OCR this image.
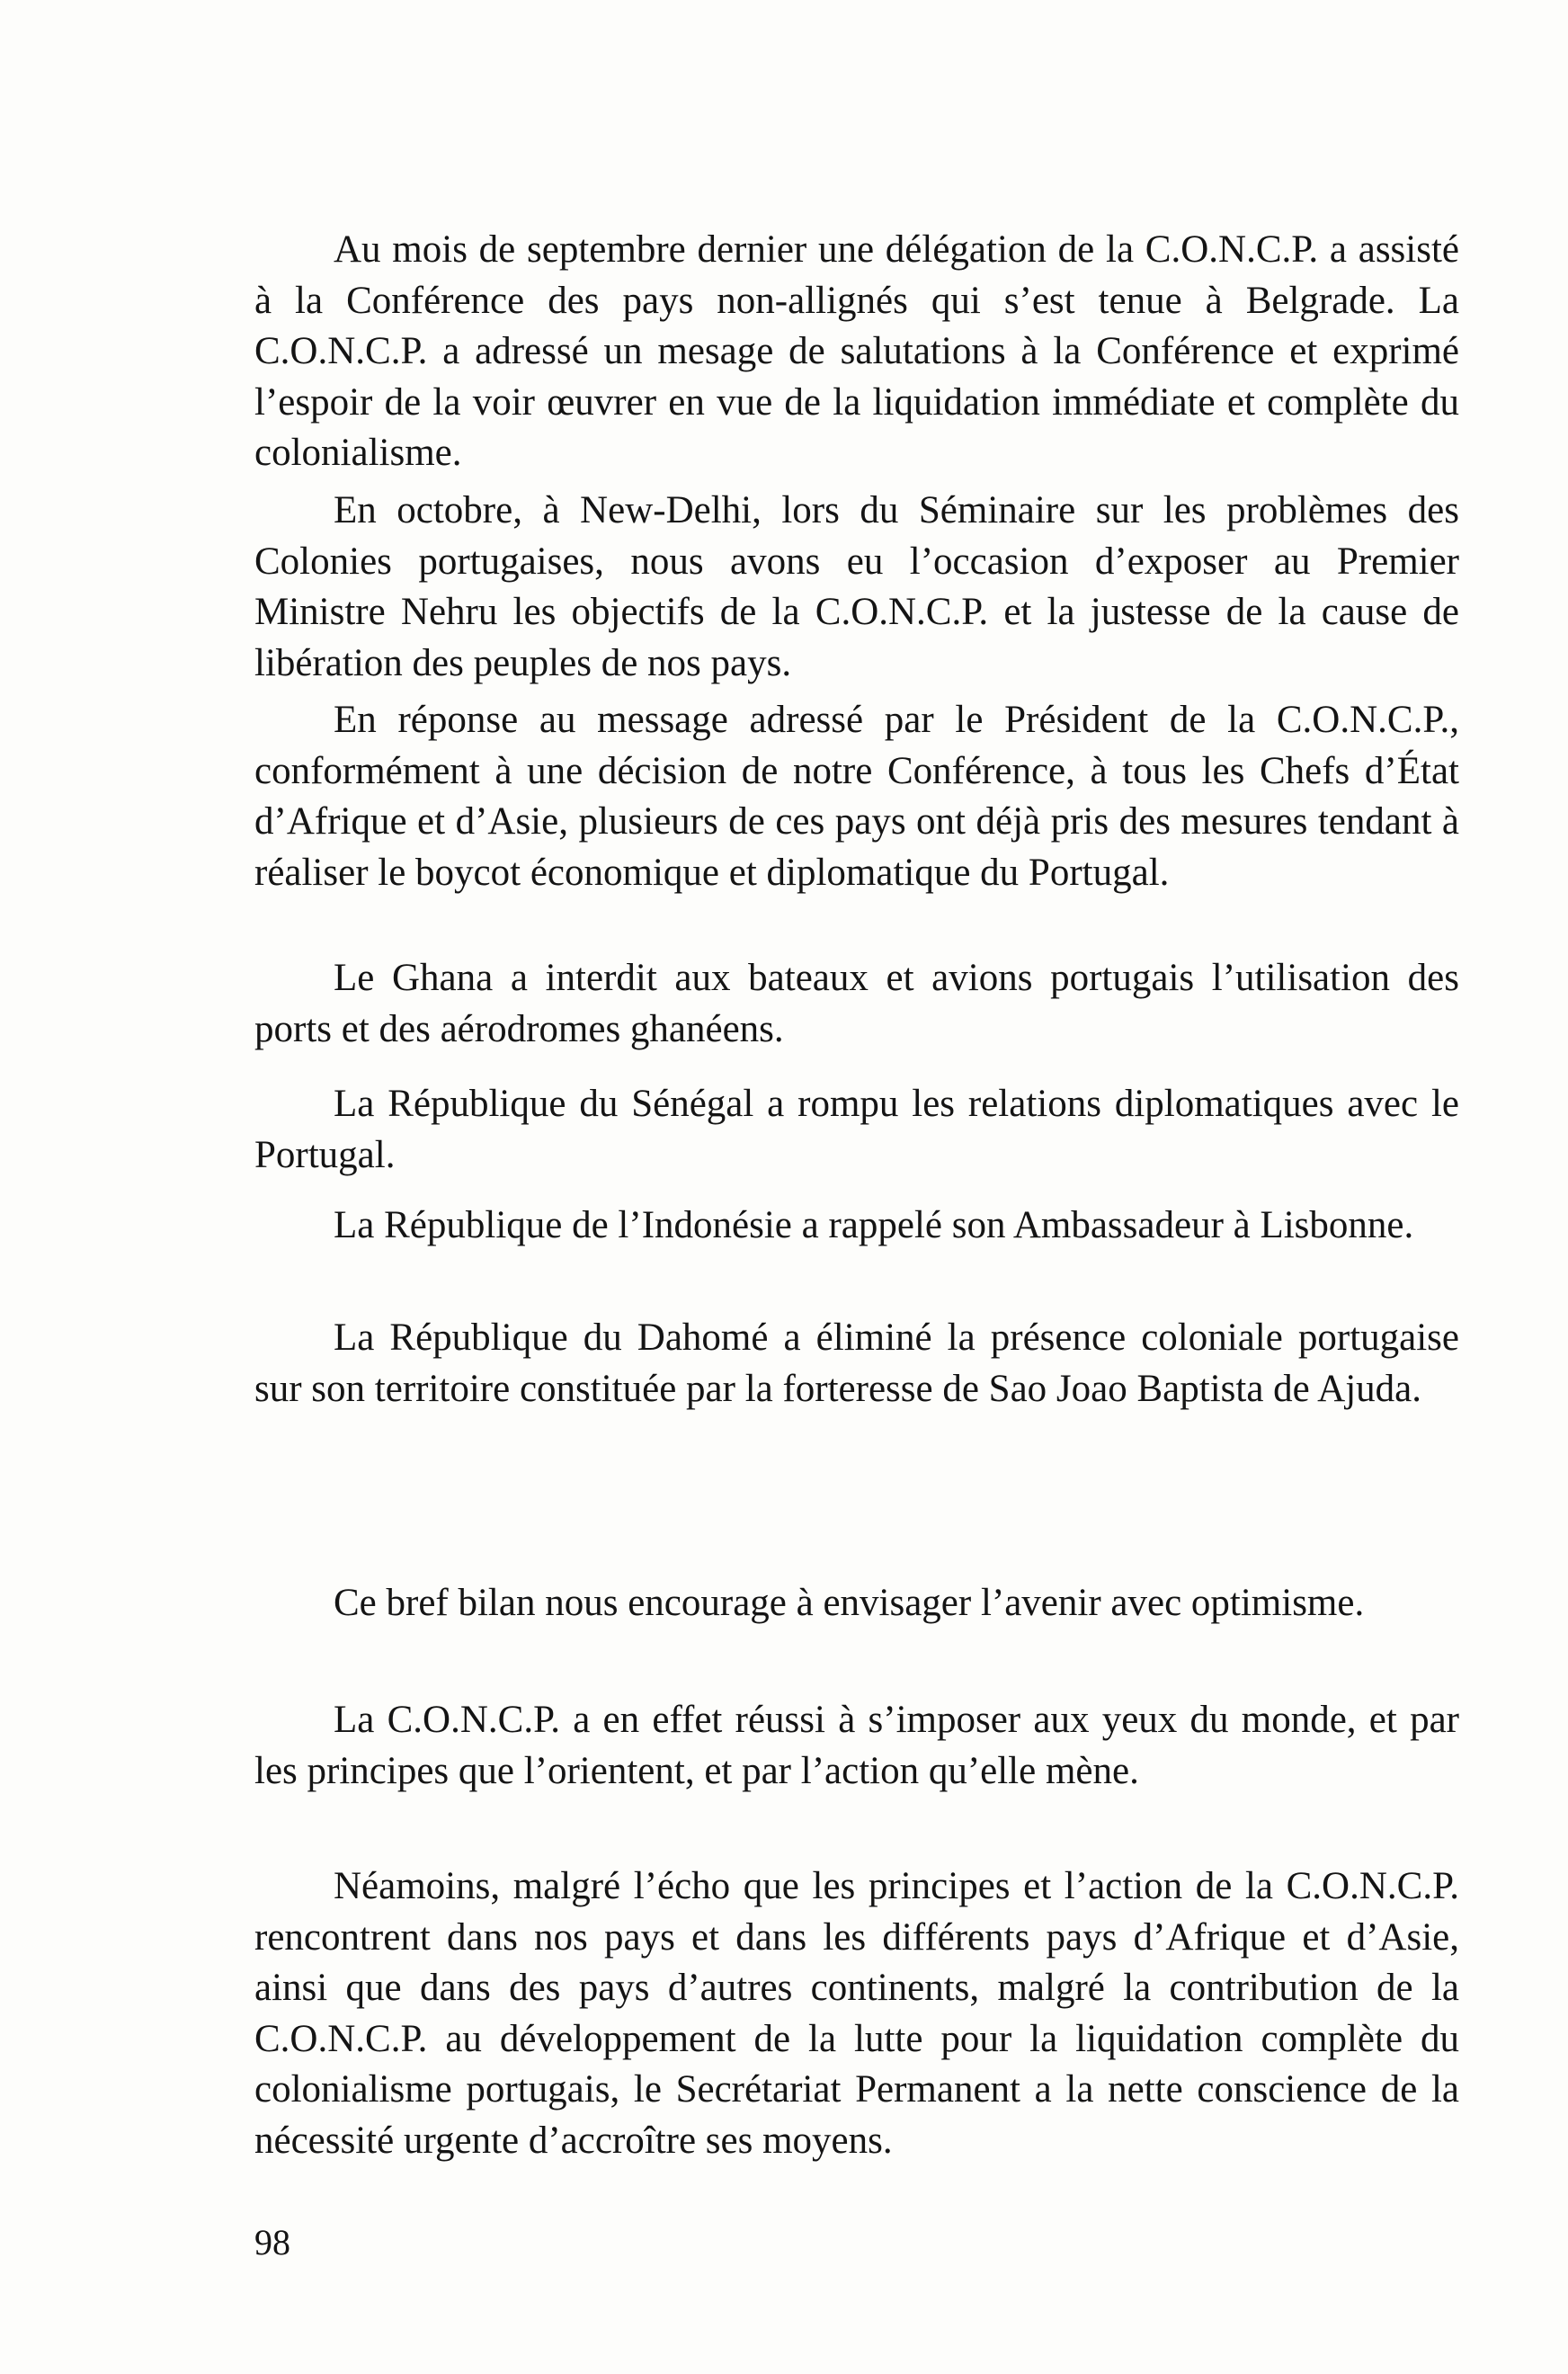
Au mois de septembre dernier une délégation de la C.O.N.C.P. a assisté à la Conférence des pays non-allignés qui s’est tenue à Belgrade. La C.O.N.C.P. a adressé un mesage de salutations à la Conférence et exprimé l’espoir de la voir œuvrer en vue de la liquidation immédiate et complète du colonialisme.

En octobre, à New-Delhi, lors du Séminaire sur les problèmes des Colonies portugaises, nous avons eu l’occasion d’exposer au Premier Ministre Nehru les objectifs de la C.O.N.C.P. et la justesse de la cause de libération des peuples de nos pays.

En réponse au message adressé par le Président de la C.O.N.C.P., conformément à une décision de notre Conférence, à tous les Chefs d’État d’Afrique et d’Asie, plusieurs de ces pays ont déjà pris des mesures tendant à réaliser le boycot économique et diplomatique du Portugal.

Le Ghana a interdit aux bateaux et avions portugais l’utilisation des ports et des aérodromes ghanéens.

La République du Sénégal a rompu les relations diplomatiques avec le Portugal.

La République de l’Indonésie a rappelé son Ambassadeur à Lisbonne.

La République du Dahomé a éliminé la présence coloniale portugaise sur son territoire constituée par la forteresse de Sao Joao Baptista de Ajuda.

Ce bref bilan nous encourage à envisager l’avenir avec optimisme.

La C.O.N.C.P. a en effet réussi à s’imposer aux yeux du monde, et par les principes que l’orientent, et par l’action qu’elle mène.

Néamoins, malgré l’écho que les principes et l’action de la C.O.N.C.P. rencontrent dans nos pays et dans les différents pays d’Afrique et d’Asie, ainsi que dans des pays d’autres continents, malgré la contribution de la C.O.N.C.P. au développement de la lutte pour la liquidation complète du colonialisme portugais, le Secrétariat Permanent a la nette conscience de la nécessité urgente d’accroître ses moyens.

98
